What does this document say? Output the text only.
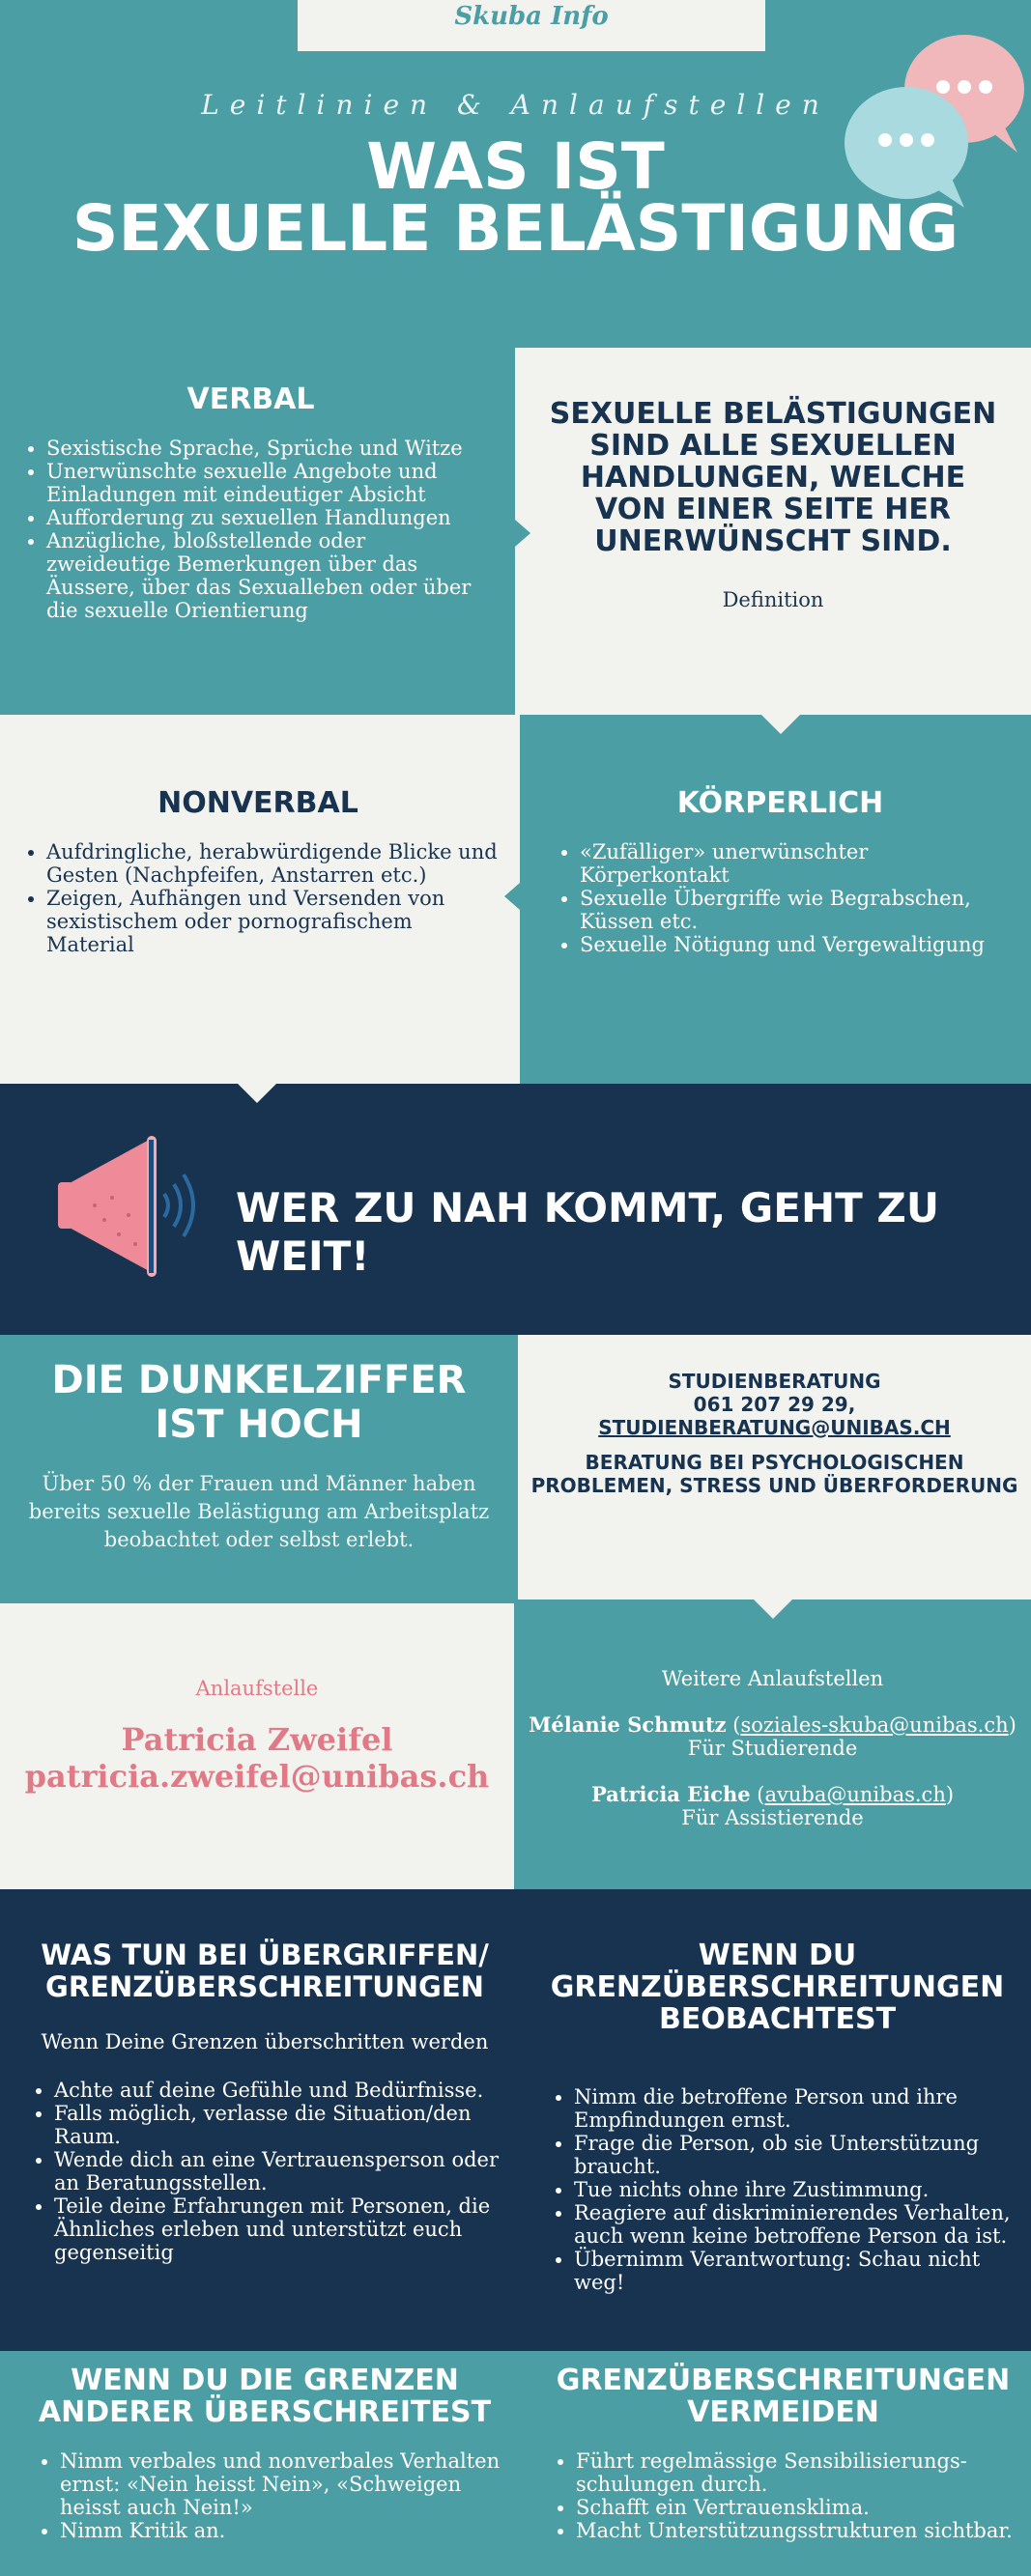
Skuba Info
Leitlinien & Anlaufstellen
WAS IST
SEXUELLE BELÄSTIGUNG
VERBAL
• Sexistische Sprache, Sprüche und Witze
• Unerwünschte sexuelle Angebote und Einladungen mit eindeutiger Absicht
• Aufforderung zu sexuellen Handlungen
• Anzügliche, bloßstellende oder zweideutige Bemerkungen über das Äussere, über das Sexualleben oder über die sexuelle Orientierung
SEXUELLE BELÄSTIGUNGEN SIND ALLE SEXUELLEN HANDLUNGEN, WELCHE VON EINER SEITE HER UNERWÜNSCHT SIND.
Definition
NONVERBAL
• Aufdringliche, herabwürdigende Blicke und Gesten (Nachpfeifen, Anstarren etc.)
• Zeigen, Aufhängen und Versenden von sexistischem oder pornografischem Material
KÖRPERLICH
• «Zufälliger» unerwünschter Körperkontakt
• Sexuelle Übergriffe wie Begrabschen, Küssen etc.
• Sexuelle Nötigung und Vergewaltigung
WER ZU NAH KOMMT, GEHT ZU WEIT!
DIE DUNKELZIFFER
IST HOCH
Über 50 % der Frauen und Männer haben bereits sexuelle Belästigung am Arbeitsplatz beobachtet oder selbst erlebt.
STUDIENBERATUNG
061 207 29 29, STUDIENBERATUNG@UNIBAS.CH
BERATUNG BEI PSYCHOLOGISCHEN PROBLEMEN, STRESS UND ÜBERFORDERUNG
Anlaufstelle
Patricia Zweifel
patricia.zweifel@unibas.ch
Weitere Anlaufstellen
Mélanie Schmutz (soziales-skuba@unibas.ch)
Für Studierende
Patricia Eiche (avuba@unibas.ch)
Für Assistierende
WAS TUN BEI ÜBERGRIFFEN/
GRENZÜBERSCHREITUNGEN
Wenn Deine Grenzen überschritten werden
• Achte auf deine Gefühle und Bedürfnisse.
• Falls möglich, verlasse die Situation/den Raum.
• Wende dich an eine Vertrauensperson oder an Beratungsstellen.
• Teile deine Erfahrungen mit Personen, die Ähnliches erleben und unterstützt euch gegenseitig
WENN DU
GRENZÜBERSCHREITUNGEN
BEOBACHTEST
• Nimm die betroffene Person und ihre Empfindungen ernst.
• Frage die Person, ob sie Unterstützung braucht.
• Tue nichts ohne ihre Zustimmung.
• Reagiere auf diskriminierendes Verhalten, auch wenn keine betroffene Person da ist.
• Übernimm Verantwortung: Schau nicht weg!
WENN DU DIE GRENZEN
ANDERER ÜBERSCHREITEST
• Nimm verbales und nonverbales Verhalten ernst: «Nein heisst Nein», «Schweigen heisst auch Nein!»
• Nimm Kritik an.
GRENZÜBERSCHREITUNGEN
VERMEIDEN
• Führt regelmässige Sensibilisierungs-schulungen durch.
• Schafft ein Vertrauensklima.
• Macht Unterstützungsstrukturen sichtbar.
